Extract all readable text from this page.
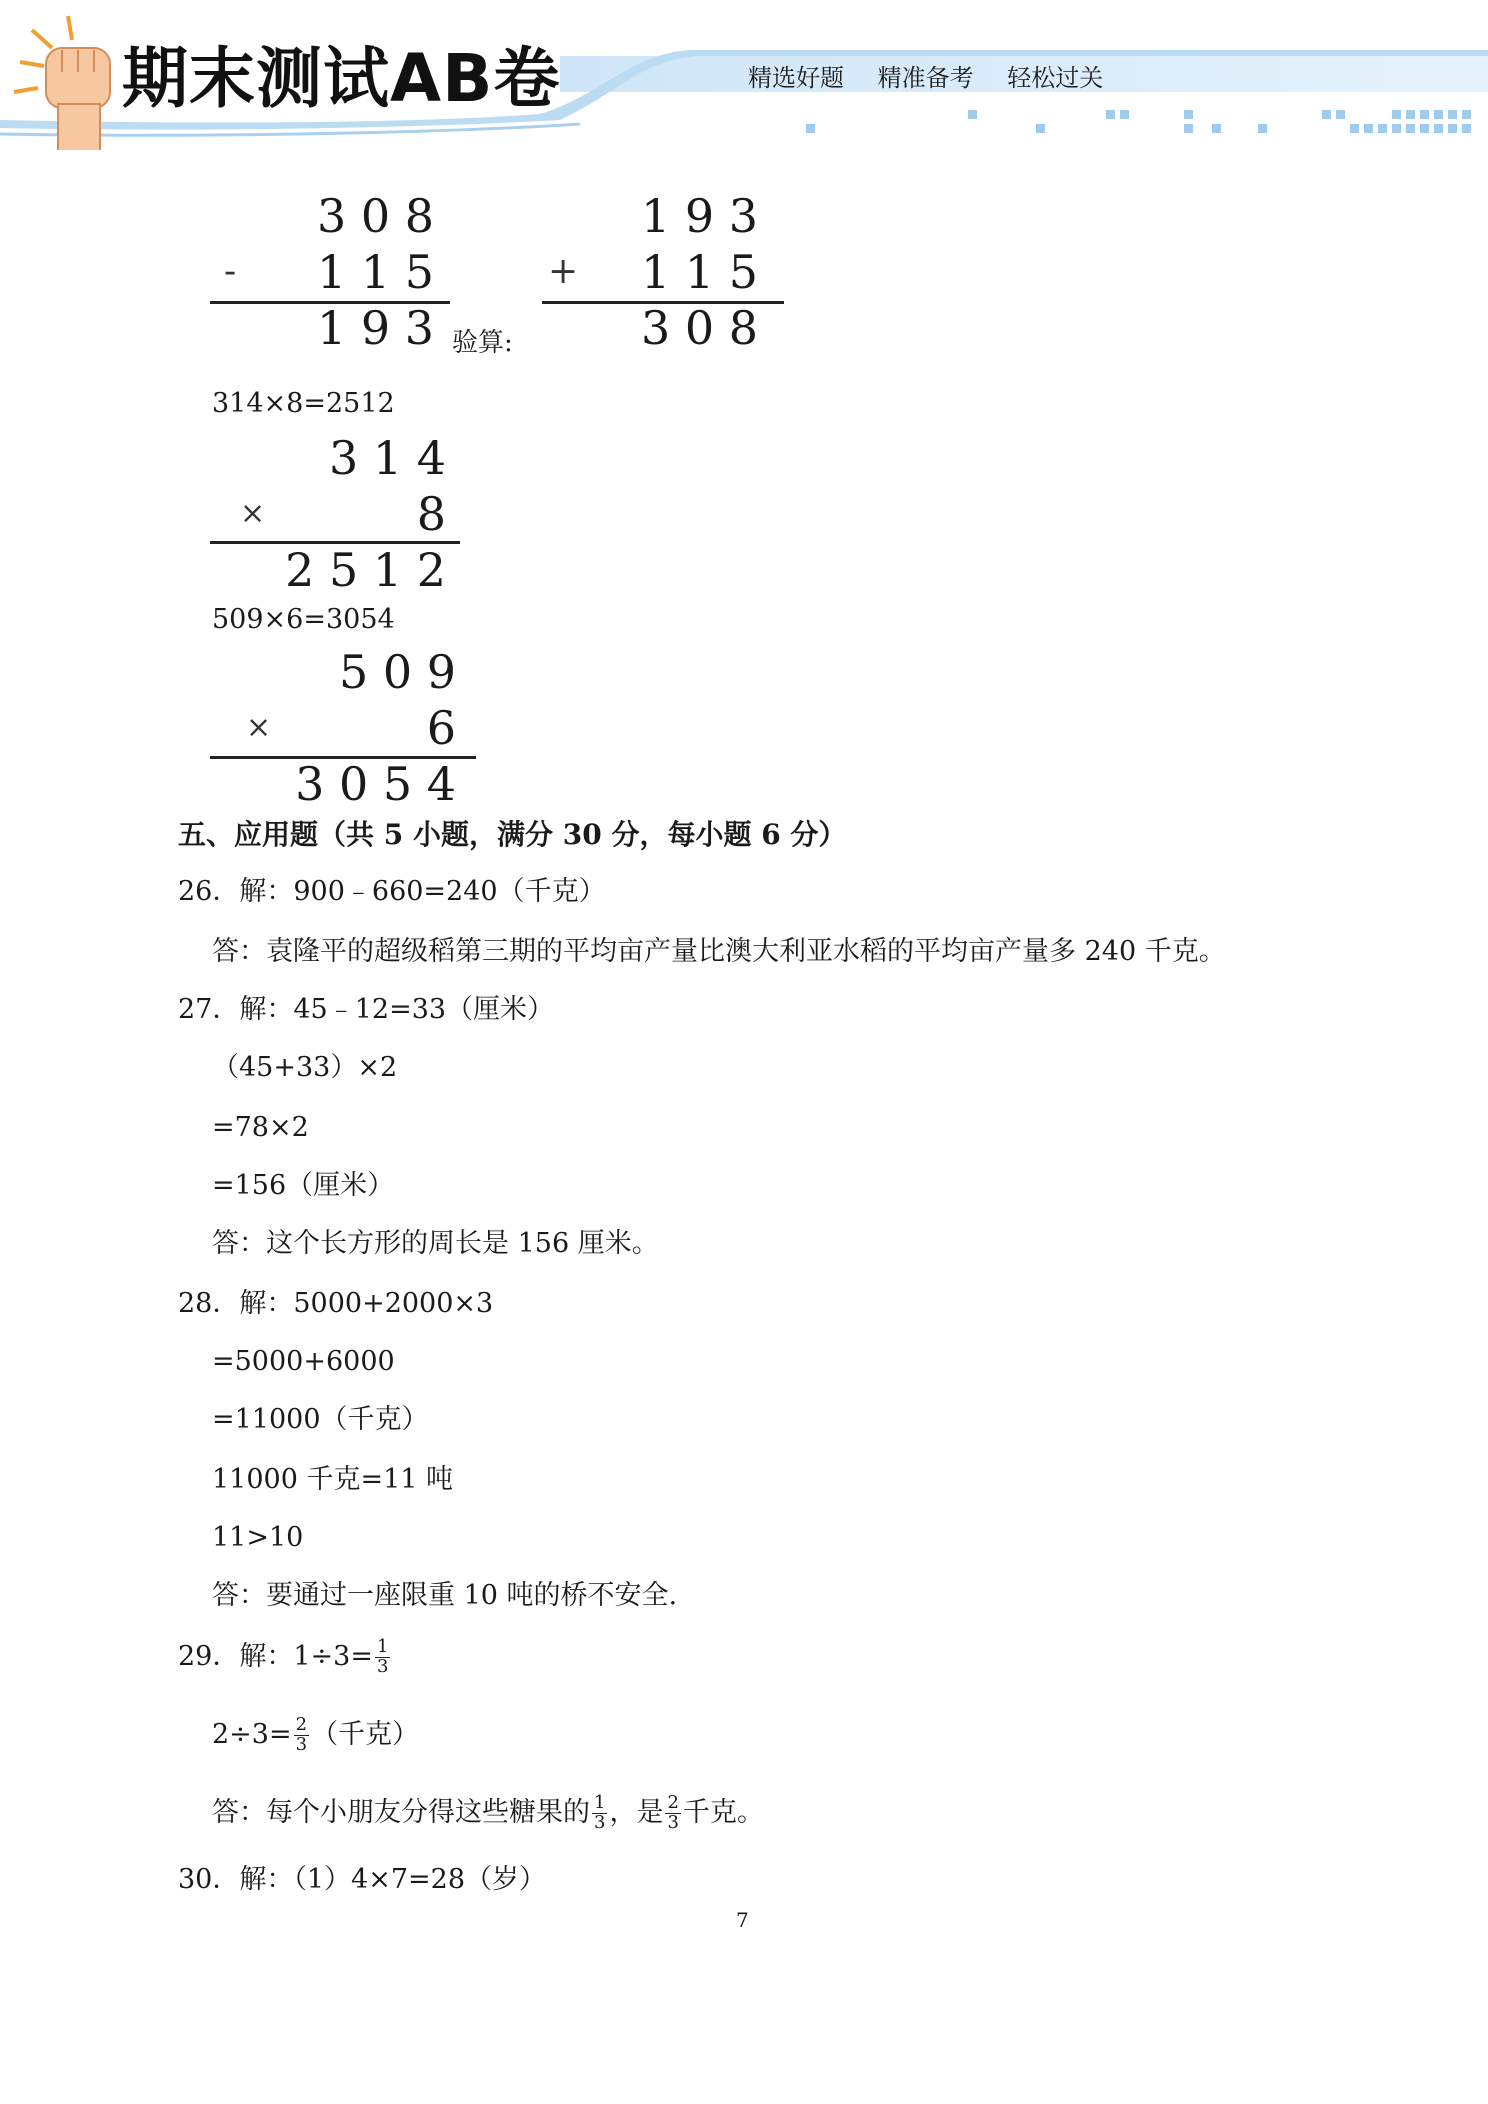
期末测试AB卷	精选好题 精准备考 轻松过关
3 0 8
- 1 1 5
1 9 3 验算:
1 9 3
+ 1 1 5
3 0 8
314×8=2512
3 1 4
×	8
2 5 1 2
509×6=3054
5 0 9
×	6
3 0 5 4
五、应用题（共 5 小题，满分 30 分，每小题 6 分）
26．解：900﹣660=240（千克）
答：袁隆平的超级稻第三期的平均亩产量比澳大利亚水稻的平均亩产量多 240 千克。
27．解：45﹣12=33（厘米）
（45+33）×2
=78×2
=156（厘米）
答：这个长方形的周长是 156 厘米。
28．解：5000+2000×3
=5000+6000
=11000（千克）
11000 千克=11 吨
11>10
答：要通过一座限重 10 吨的桥不安全.
29．解：$1\div 3= \frac{1}{3}$
$2\div 3= \frac{2}{3}$ （千克）
答：每个小朋友分得这些糖果的 $\frac{1}{3}$ ，是 $\frac{2}{3}$ 千克。
30．解：（1）4×7=28（岁）
7
